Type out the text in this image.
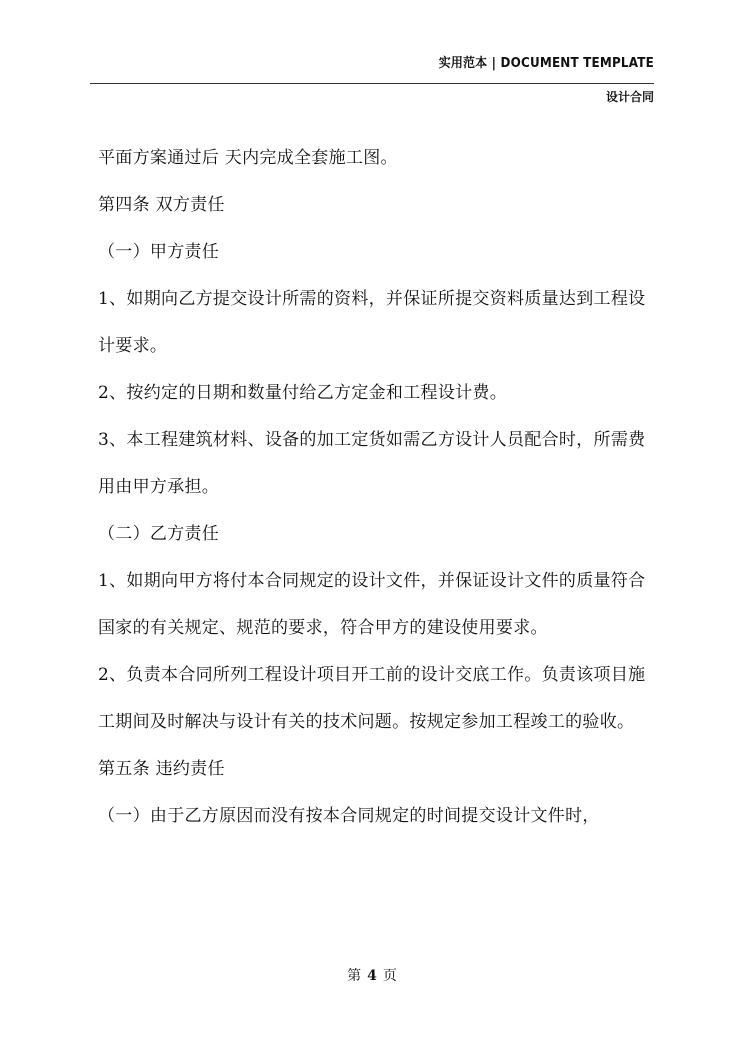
实用范本 | DOCUMENT TEMPLATE
设计合同

平面方案通过后 天内完成全套施工图。

第四条 双方责任

（一）甲方责任

1、如期向乙方提交设计所需的资料，并保证所提交资料质量达到工程设计要求。

2、按约定的日期和数量付给乙方定金和工程设计费。

3、本工程建筑材料、设备的加工定货如需乙方设计人员配合时，所需费用由甲方承担。

（二）乙方责任

1、如期向甲方将付本合同规定的设计文件，并保证设计文件的质量符合国家的有关规定、规范的要求，符合甲方的建设使用要求。

2、负责本合同所列工程设计项目开工前的设计交底工作。负责该项目施工期间及时解决与设计有关的技术问题。按规定参加工程竣工的验收。

第五条 违约责任

（一）由于乙方原因而没有按本合同规定的时间提交设计文件时，

第 4 页
